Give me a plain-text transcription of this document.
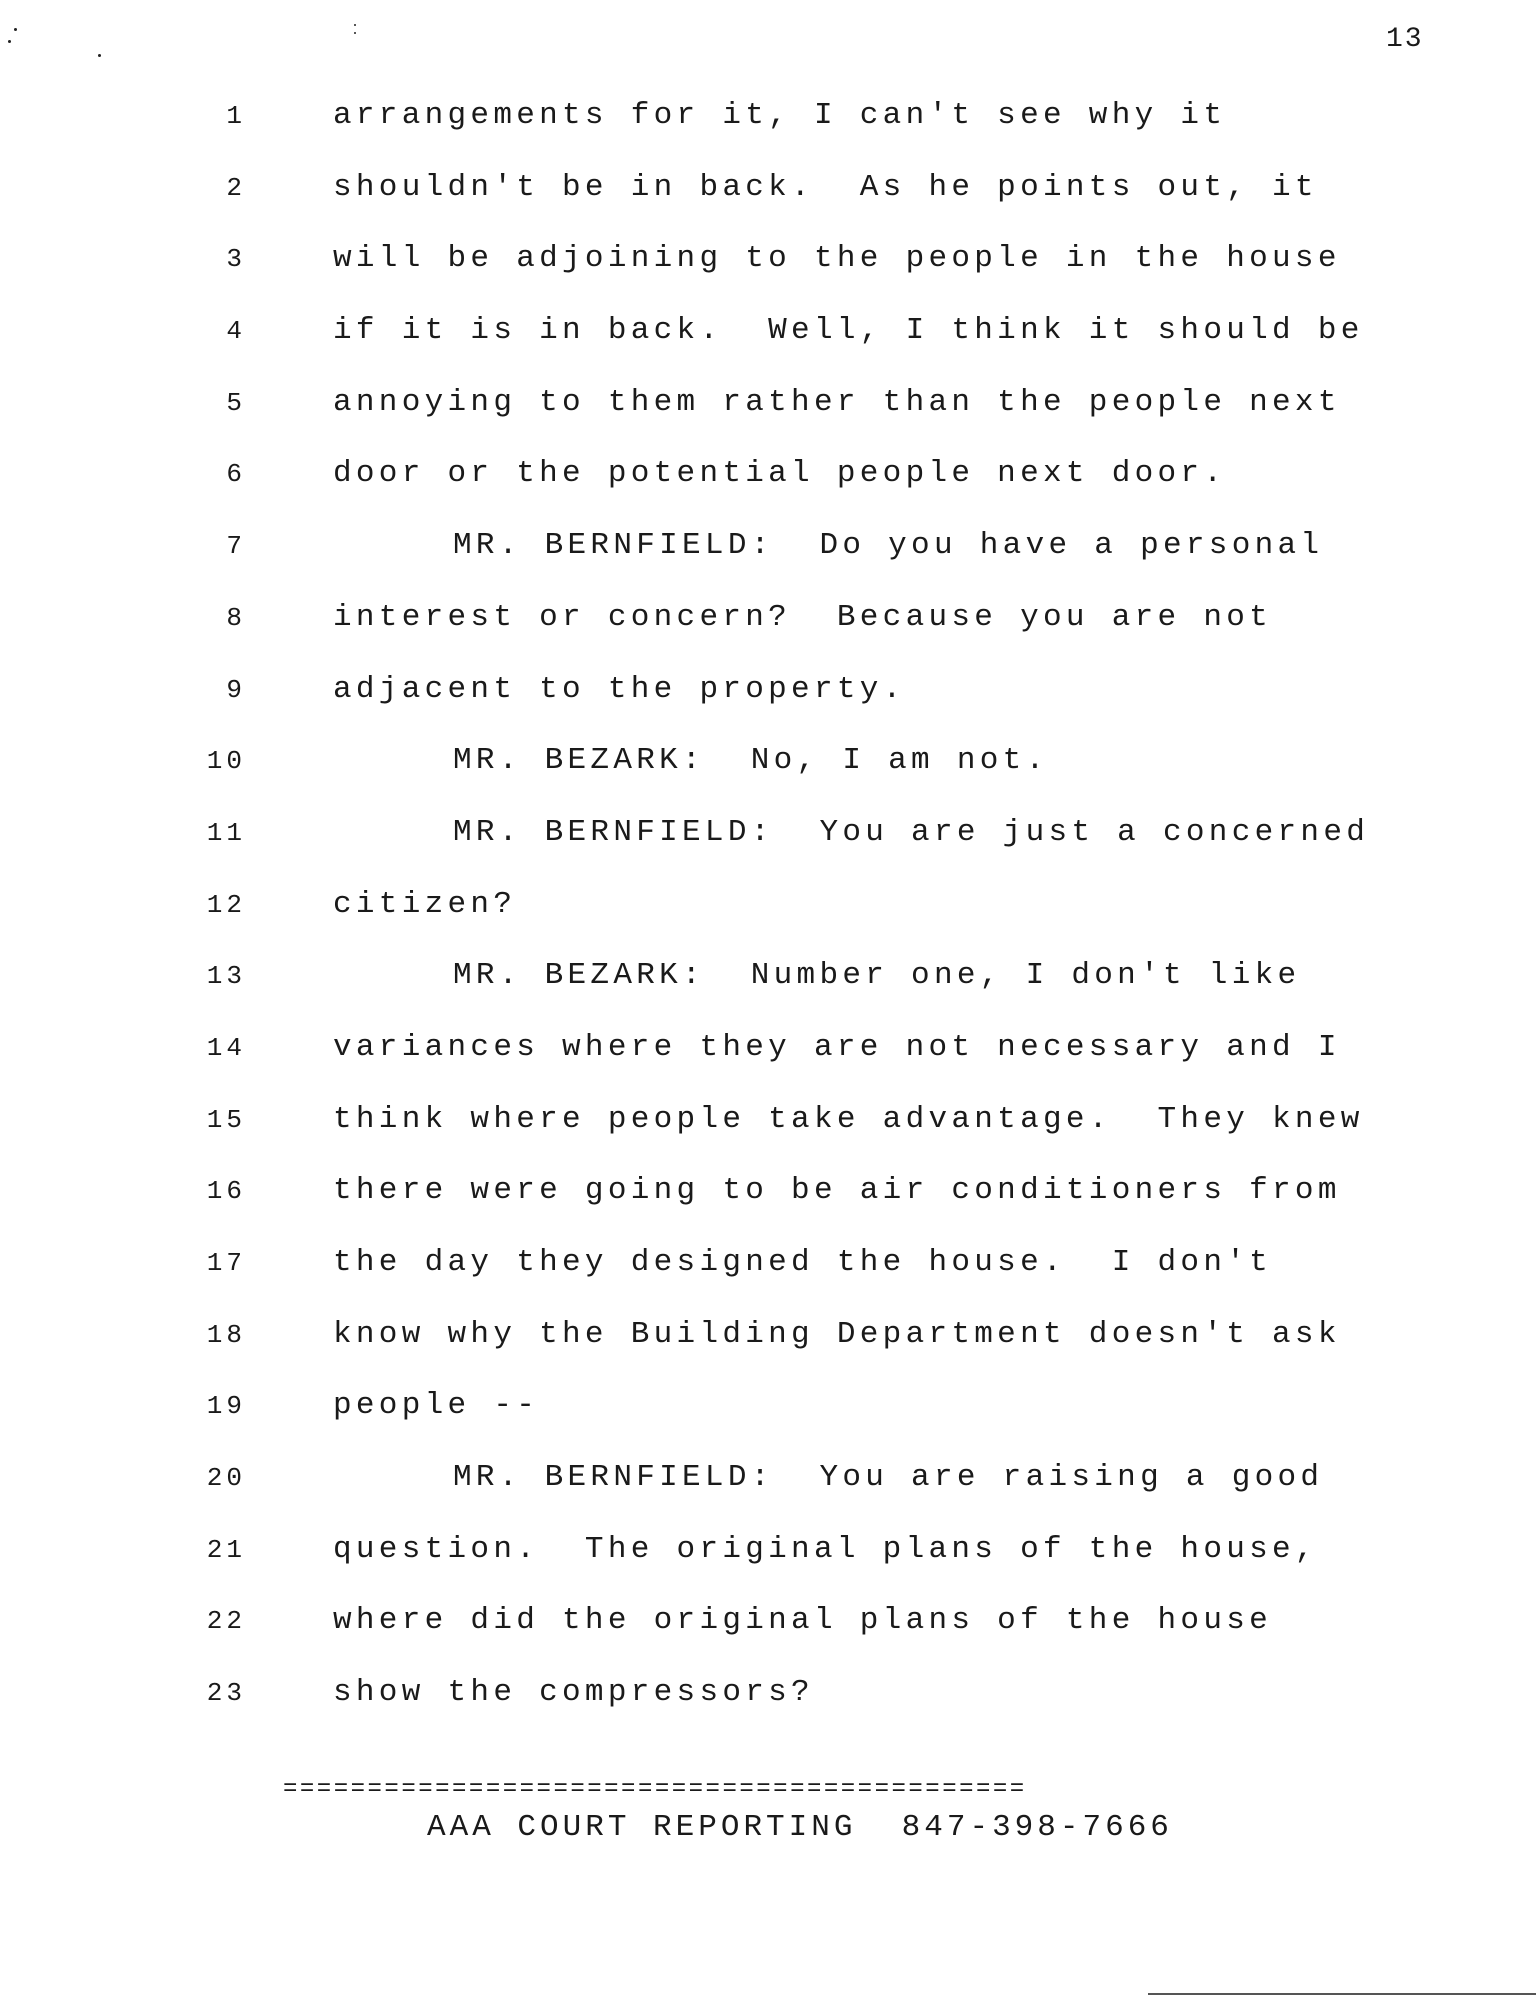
13
1	arrangements for it, I can't see why it
2	shouldn't be in back.  As he points out, it
3	will be adjoining to the people in the house
4	if it is in back.  Well, I think it should be
5	annoying to them rather than the people next
6	door or the potential people next door.
7	MR. BERNFIELD:  Do you have a personal
8	interest or concern?  Because you are not
9	adjacent to the property.
10	MR. BEZARK:  No, I am not.
11	MR. BERNFIELD:  You are just a concerned
12	citizen?
13	MR. BEZARK:  Number one, I don't like
14	variances where they are not necessary and I
15	think where people take advantage.  They knew
16	there were going to be air conditioners from
17	the day they designed the house.  I don't
18	know why the Building Department doesn't ask
19	people --
20	MR. BERNFIELD:  You are raising a good
21	question.  The original plans of the house,
22	where did the original plans of the house
23	show the compressors?
============================================
AAA COURT REPORTING  847-398-7666
